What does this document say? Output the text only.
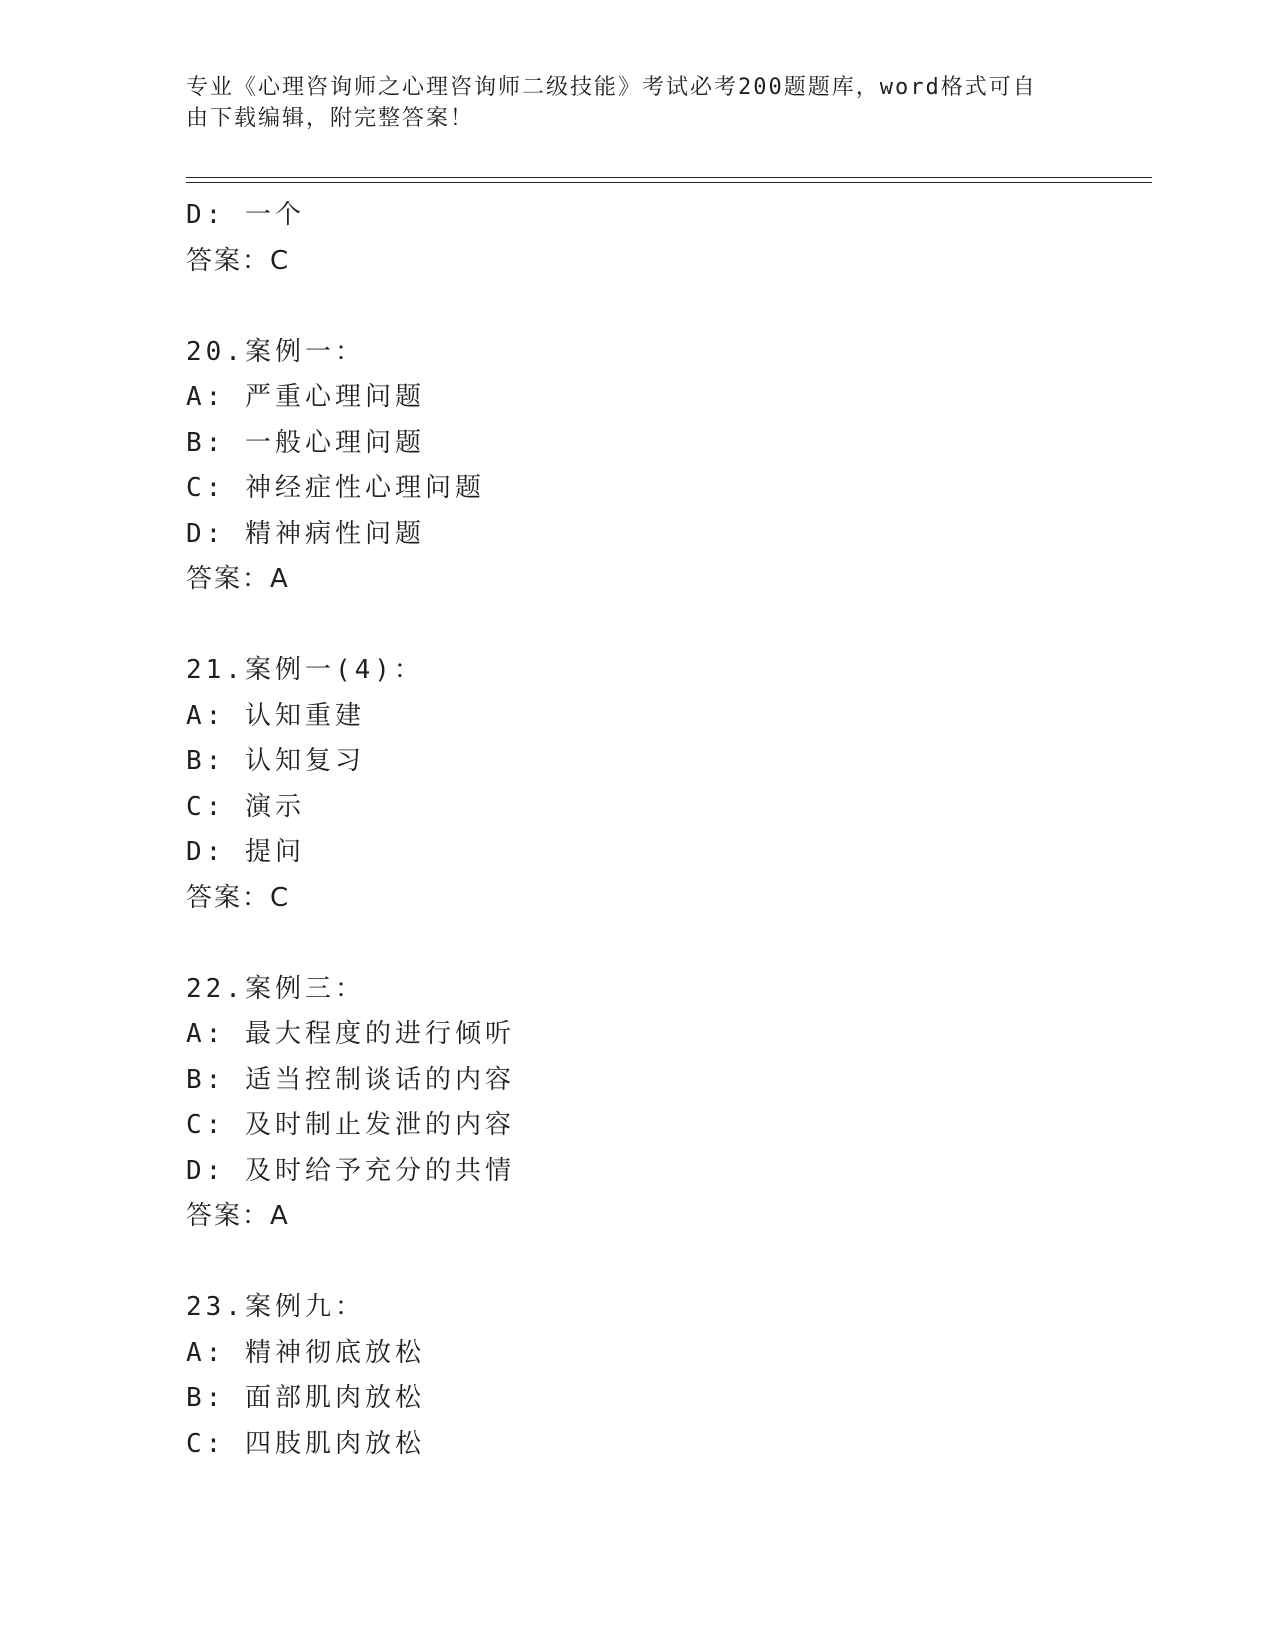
专业《心理咨询师之心理咨询师二级技能》考试必考200题题库，word格式可自
由下载编辑，附完整答案！
D: 一个
答案：C
20.案例一：
A: 严重心理问题
B: 一般心理问题
C: 神经症性心理问题
D: 精神病性问题
答案：A
21.案例一(4)：
A: 认知重建
B: 认知复习
C: 演示
D: 提问
答案：C
22.案例三：
A: 最大程度的进行倾听
B: 适当控制谈话的内容
C: 及时制止发泄的内容
D: 及时给予充分的共情
答案：A
23.案例九：
A: 精神彻底放松
B: 面部肌肉放松
C: 四肢肌肉放松
